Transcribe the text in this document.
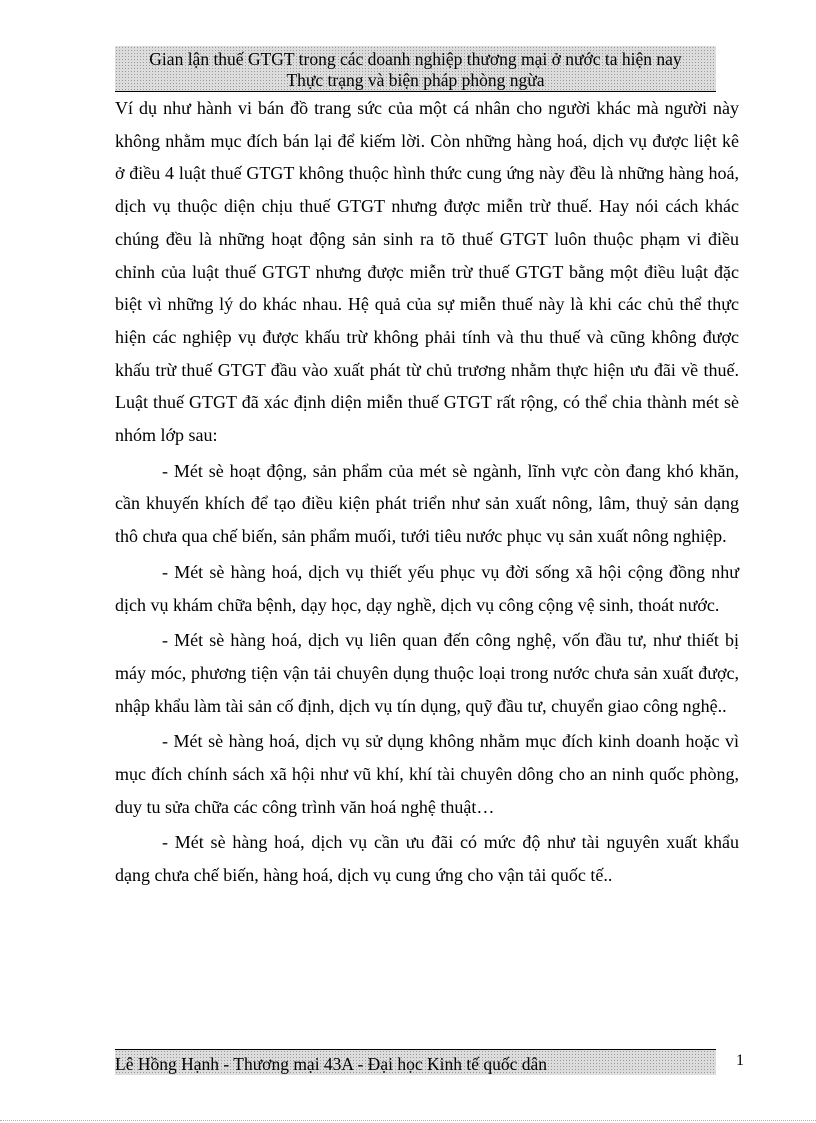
Gian lận thuế GTGT trong các doanh nghiệp thương mại ở nước ta hiện nay
Thực trạng và biện pháp phòng ngừa

Ví dụ như hành vi bán đồ trang sức của một cá nhân cho người khác mà người này không nhằm mục đích bán lại để kiếm lời. Còn những hàng hoá, dịch vụ được liệt kê ở điều 4 luật thuế GTGT không thuộc hình thức cung ứng này đều là những hàng hoá, dịch vụ thuộc diện chịu thuế GTGT nhưng được miễn trừ thuế. Hay nói cách khác chúng đều là những hoạt động sản sinh ra tõ thuế GTGT luôn thuộc phạm vi điều chỉnh của luật thuế GTGT nhưng được miễn trừ thuế GTGT bằng một điều luật đặc biệt vì những lý do khác nhau. Hệ quả của sự miễn thuế này là khi các chủ thể thực hiện các nghiệp vụ được khấu trừ không phải tính và thu thuế và cũng không được khấu trừ thuế GTGT đầu vào xuất phát từ chủ trương nhằm thực hiện ưu đãi về thuế. Luật thuế GTGT đã xác định diện miễn thuế GTGT rất rộng, có thể chia thành mét sè nhóm lớp sau:

- Mét sè hoạt động, sản phẩm của mét sè ngành, lĩnh vực còn đang khó khăn, cần khuyến khích để tạo điều kiện phát triển như sản xuất nông, lâm, thuỷ sản dạng thô chưa qua chế biến, sản phẩm muối, tưới tiêu nước phục vụ sản xuất nông nghiệp.

- Mét sè hàng hoá, dịch vụ thiết yếu phục vụ đời sống xã hội cộng đồng như dịch vụ khám chữa bệnh, dạy học, dạy nghề, dịch vụ công cộng vệ sinh, thoát nước.

- Mét sè hàng hoá, dịch vụ liên quan đến công nghệ, vốn đầu tư, như thiết bị máy móc, phương tiện vận tải chuyên dụng thuộc loại trong nước chưa sản xuất được, nhập khẩu làm tài sản cố định, dịch vụ tín dụng, quỹ đầu tư, chuyển giao công nghệ..

- Mét sè hàng hoá, dịch vụ sử dụng không nhằm mục đích kinh doanh hoặc vì mục đích chính sách xã hội như vũ khí, khí tài chuyên dông cho an ninh quốc phòng, duy tu sửa chữa các công trình văn hoá nghệ thuật…

- Mét sè hàng hoá, dịch vụ cần ưu đãi có mức độ như tài nguyên xuất khẩu dạng chưa chế biến, hàng hoá, dịch vụ cung ứng cho vận tải quốc tế..

Lê Hồng Hạnh - Thương mại 43A - Đại học Kinh tế quốc dân	1
